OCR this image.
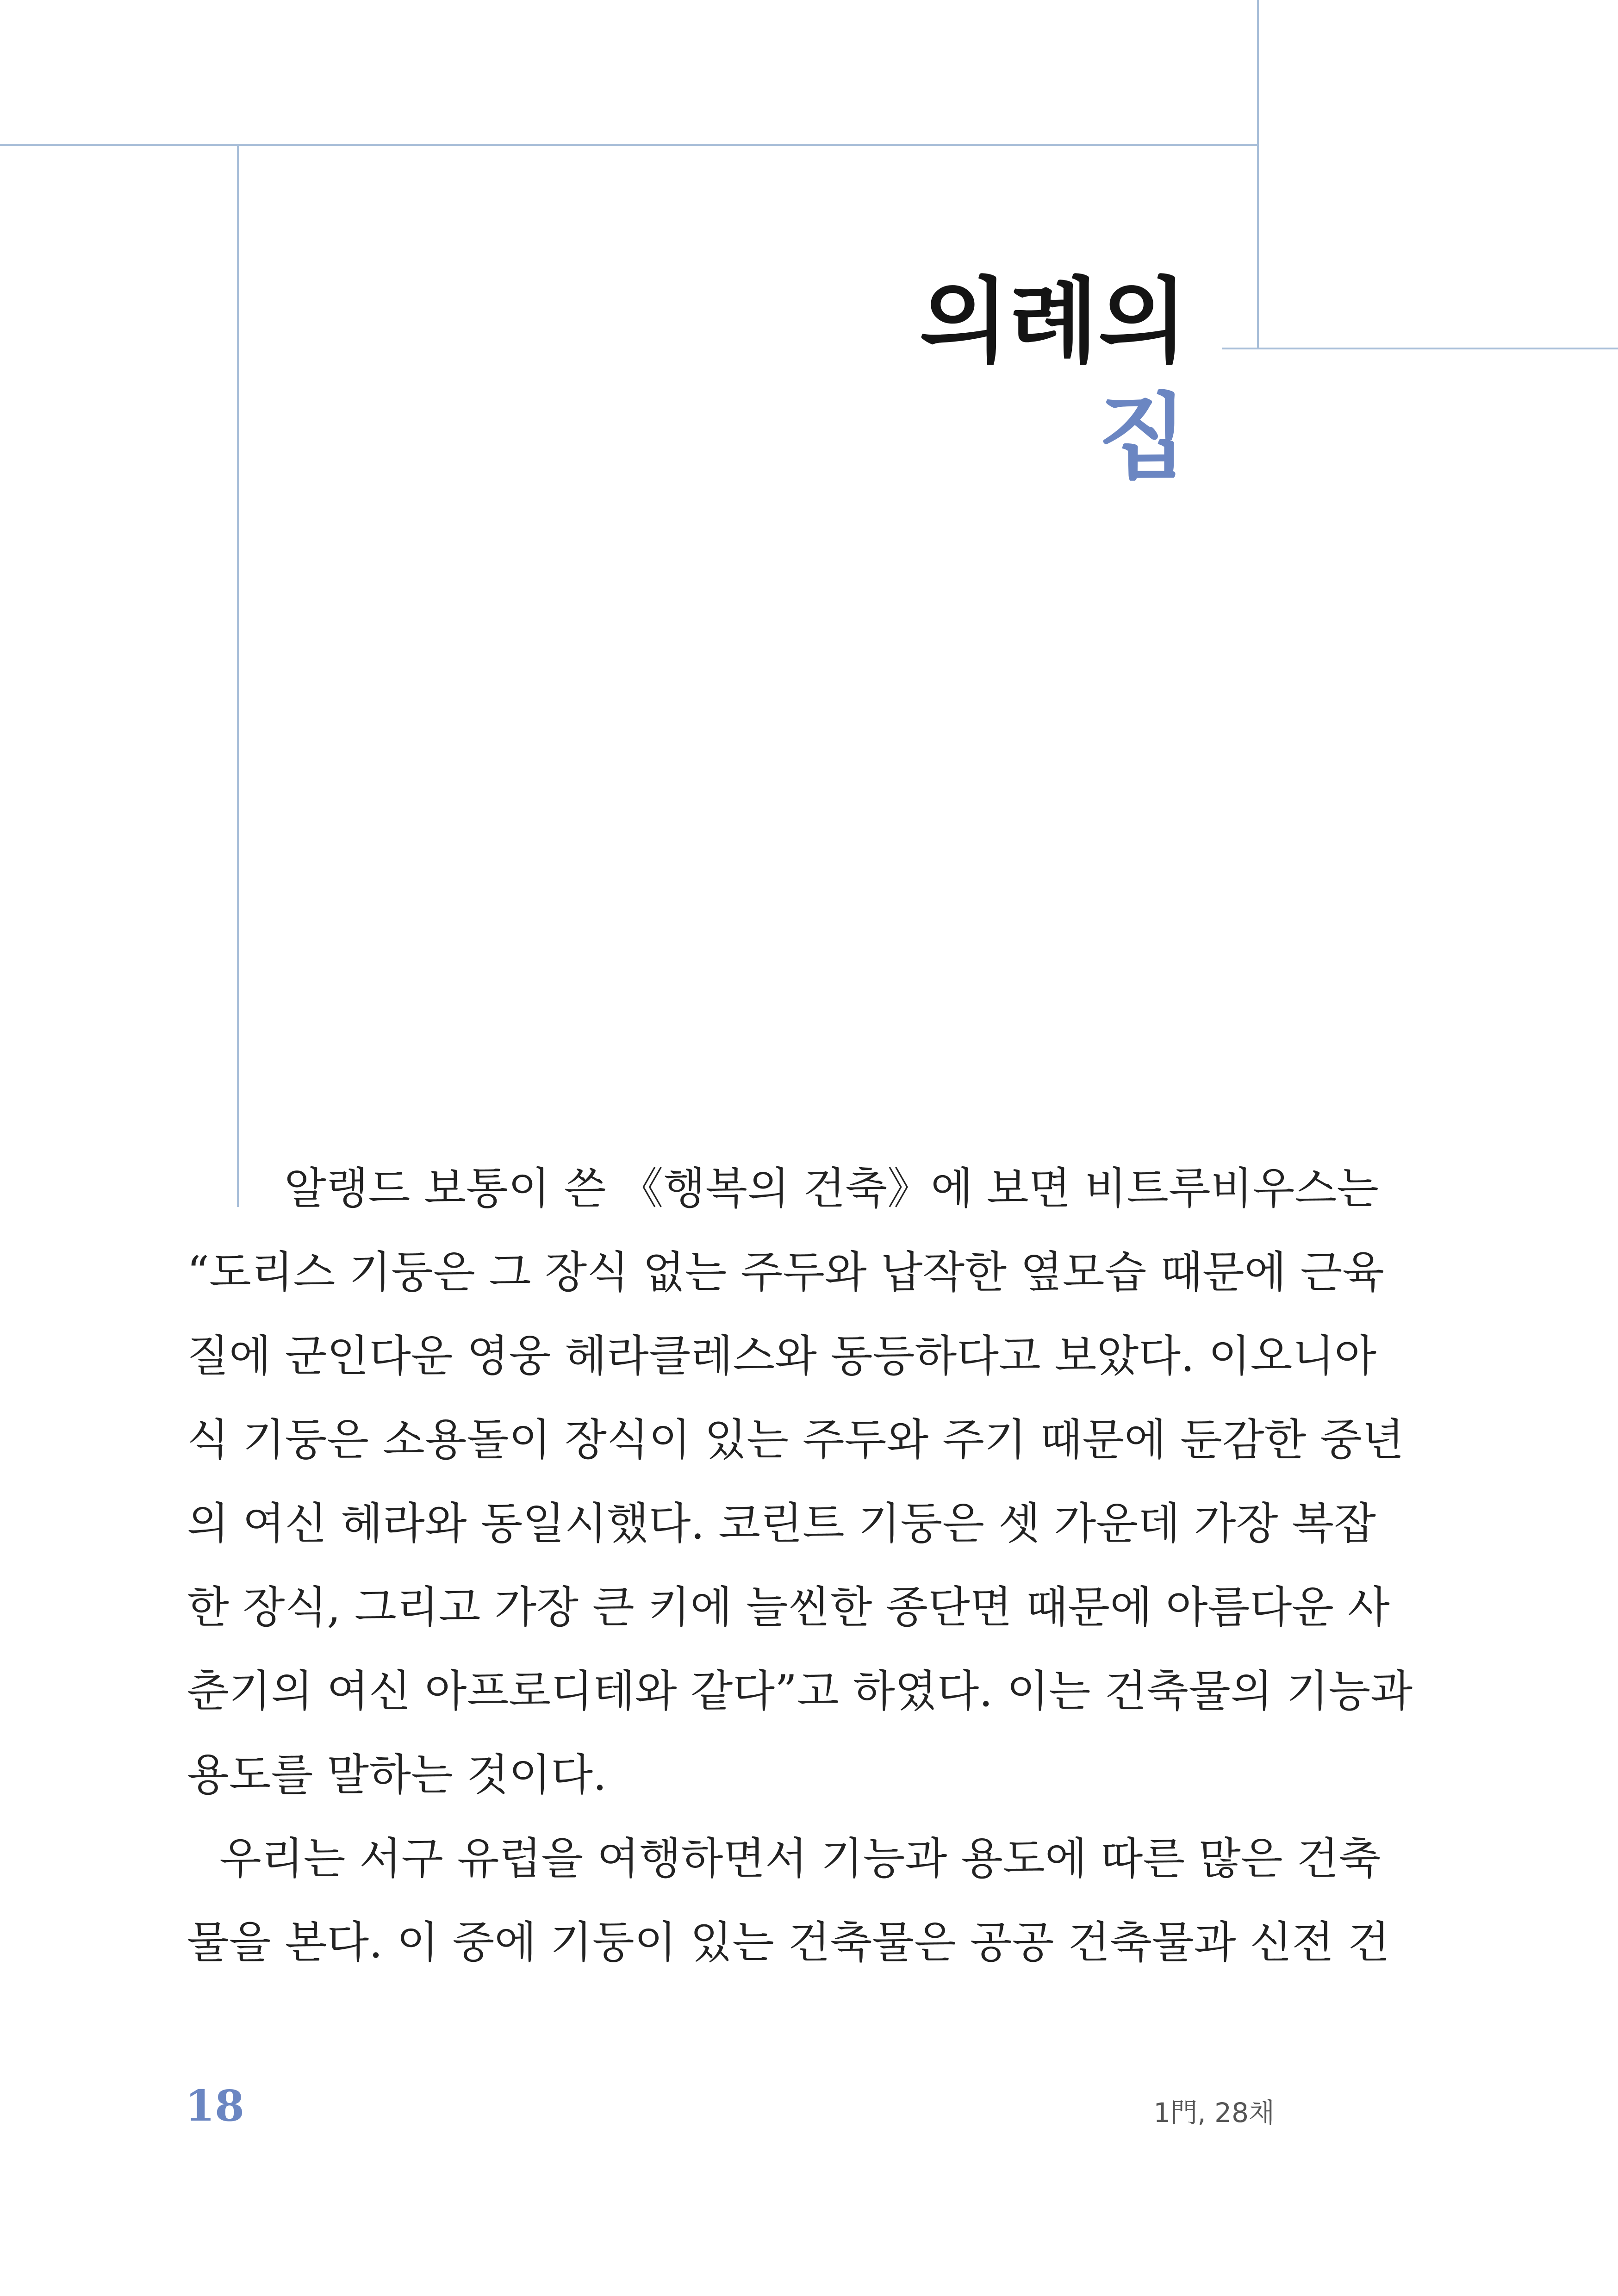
의례의
집
알랭드 보통이 쓴 《행복의 건축》에 보면 비트루비우스는
“도리스 기둥은 그 장식 없는 주두와 납작한 옆모습 때문에 근육
질에 군인다운 영웅 헤라클레스와 동등하다고 보았다. 이오니아
식 기둥은 소용돌이 장식이 있는 주두와 주기 때문에 둔감한 중년
의 여신 헤라와 동일시했다. 코린트 기둥은 셋 가운데 가장 복잡
한 장식, 그리고 가장 큰 키에 늘씬한 종단면 때문에 아름다운 사
춘기의 여신 아프로디테와 같다”고 하였다. 이는 건축물의 기능과
용도를 말하는 것이다.
우리는 서구 유럽을 여행하면서 기능과 용도에 따른 많은 건축
물을 본다. 이 중에 기둥이 있는 건축물은 공공 건축물과 신전 건
18	1門, 28채
